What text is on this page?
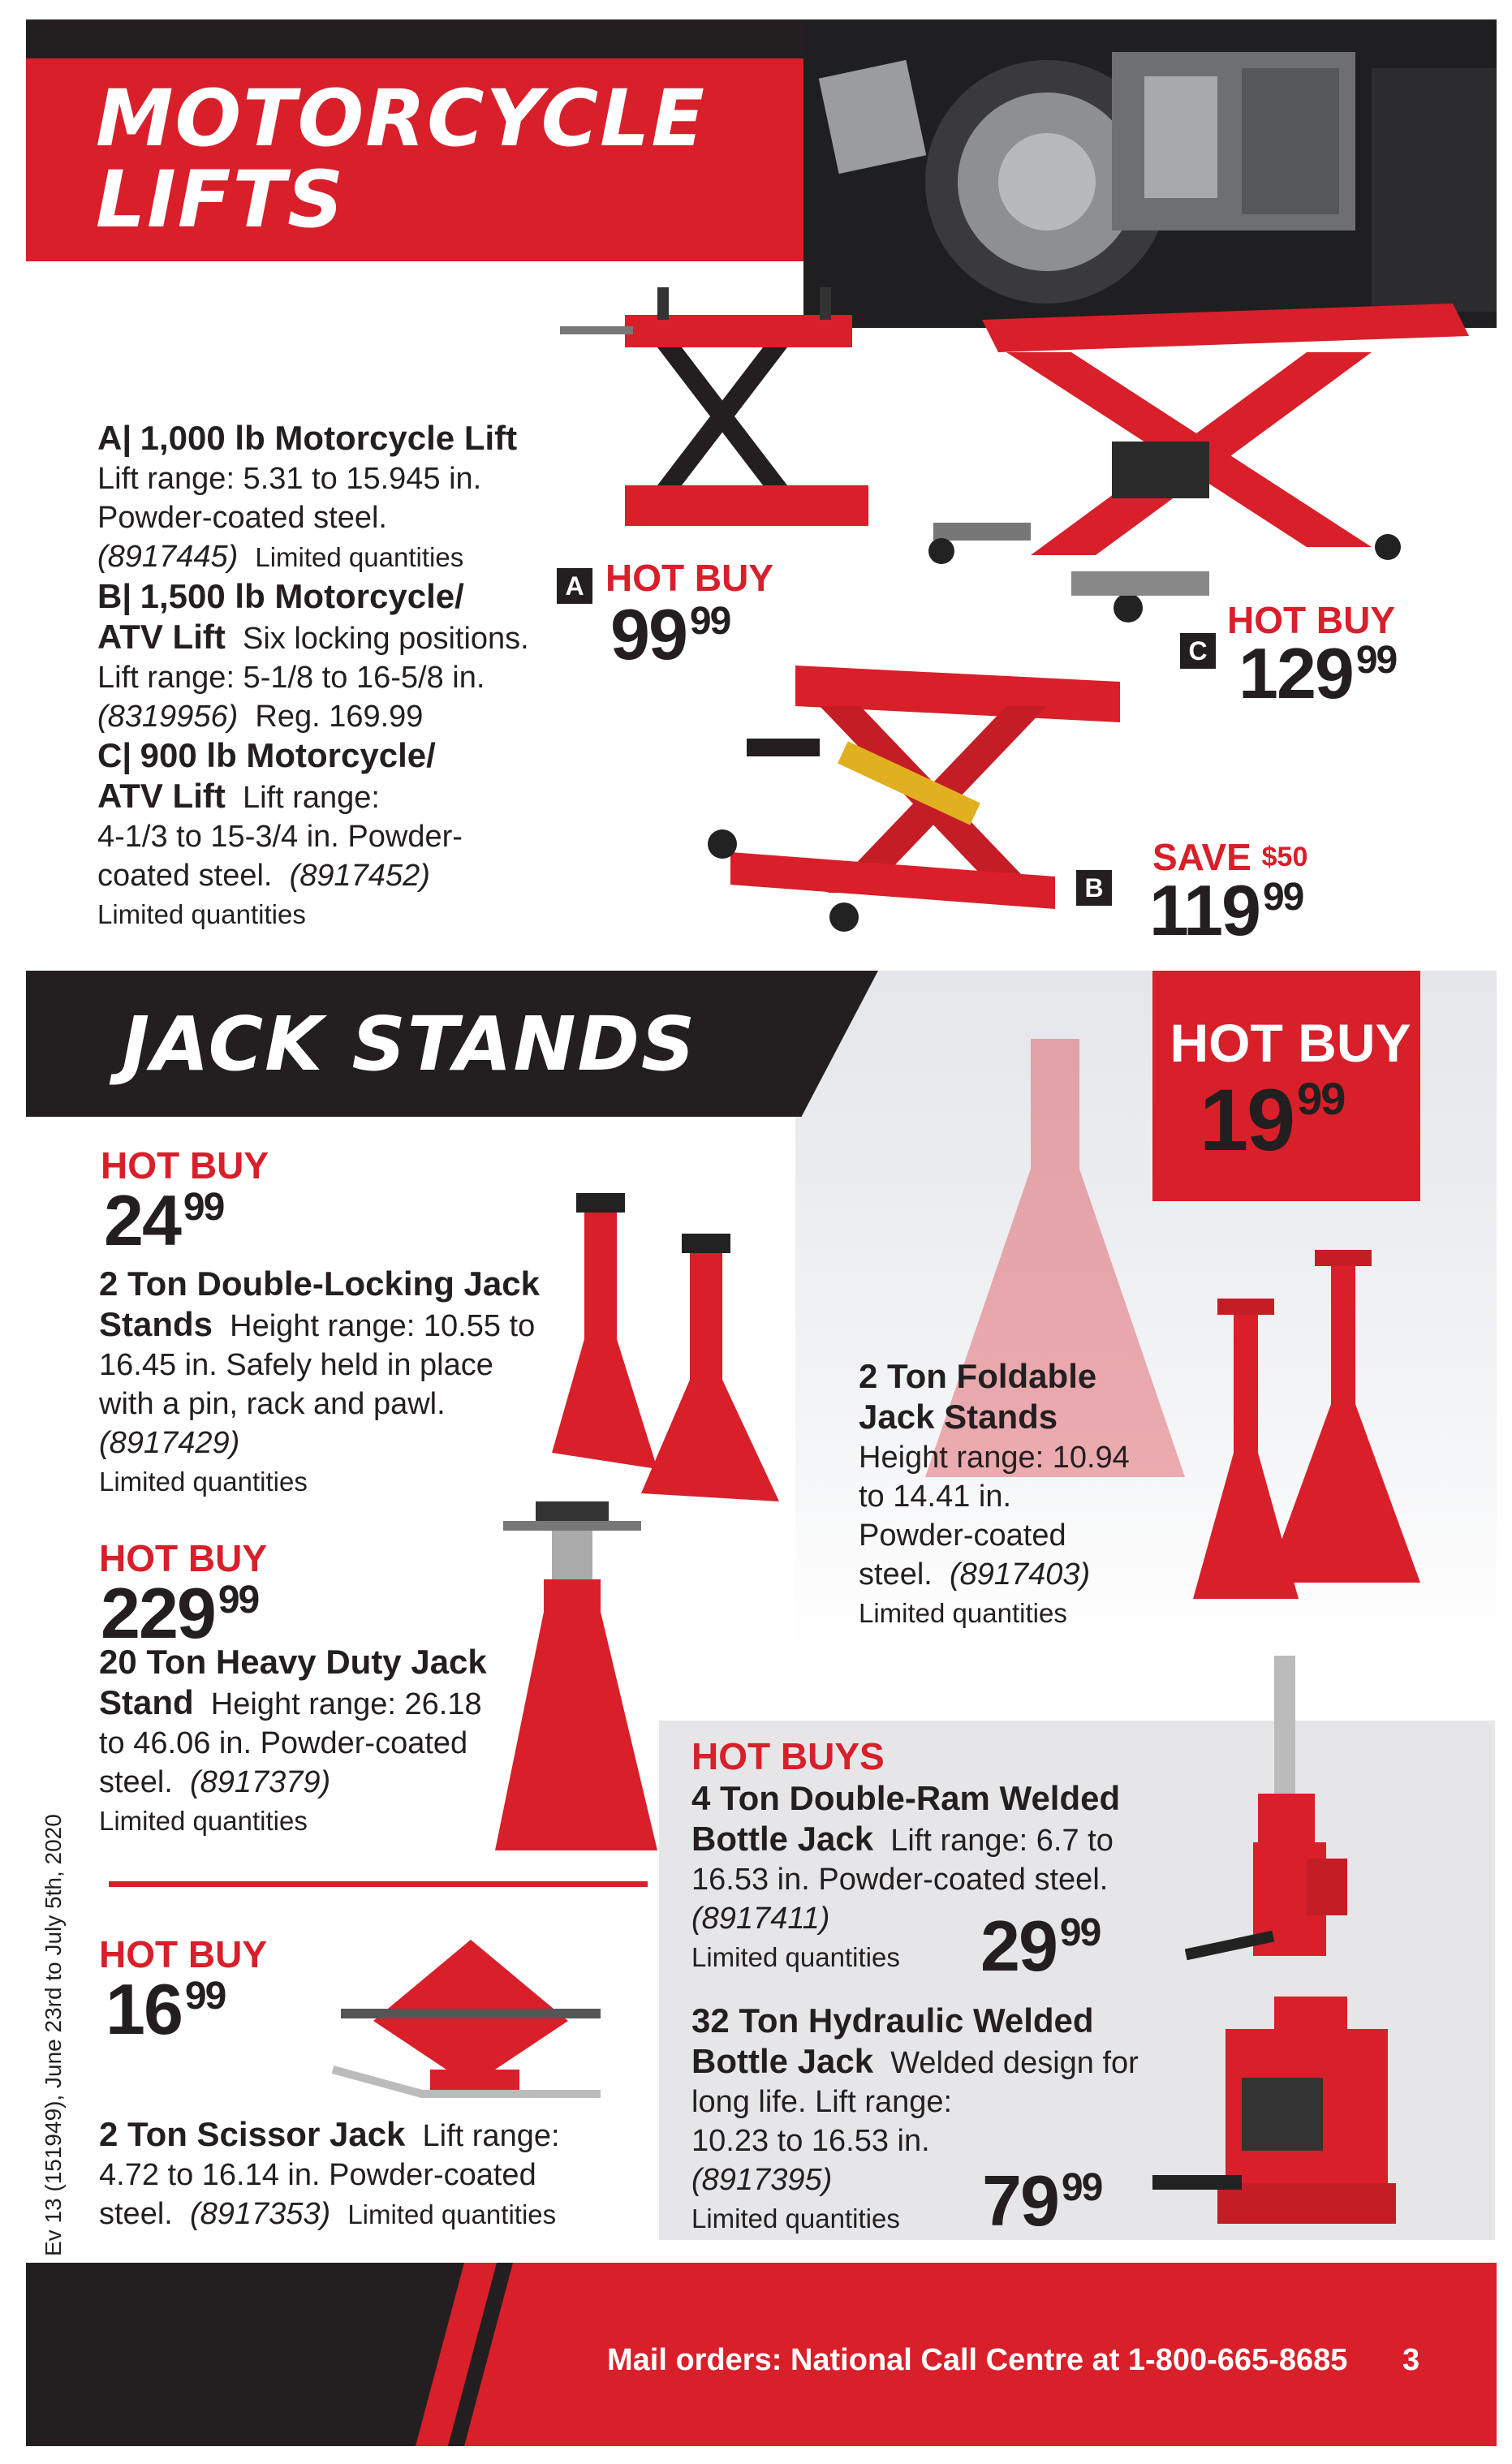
MOTORCYCLE
LIFTS
A| 1,000 lb Motorcycle Lift
Lift range: 5.31 to 15.945 in.
Powder-coated steel.
(8917445) Limited quantities
B| 1,500 lb Motorcycle/
ATV Lift Six locking positions.
Lift range: 5-1/8 to 16-5/8 in.
(8319956) Reg. 169.99
C| 900 lb Motorcycle/
ATV Lift Lift range:
4-1/3 to 15-3/4 in. Powder-
coated steel. (8917452)
Limited quantities
A HOT BUY
$99^{99}$
C
HOT BUY
$129^{99}$
B
SAVE $^{\$50}$
$119^{99}$
JACK STANDS	HOT BUY
$19^{99}$
2 Ton Foldable
Jack Stands
Height range: 10.94
to 14.41 in.
Powder-coated
steel. (8917403)
Limited quantities
HOT BUY
$24^{99}$
2 Ton Double-Locking Jack
Stands Height range: 10.55 to
16.45 in. Safely held in place
with a pin, rack and pawl.
(8917429)
Limited quantities
HOT BUY
$229^{99}$
20 Ton Heavy Duty Jack
Stand Height range: 26.18
to 46.06 in. Powder-coated
steel. (8917379)
Limited quantities
HOT BUY
$16^{99}$
2 Ton Scissor Jack Lift range:
4.72 to 16.14 in. Powder-coated
steel. (8917353) Limited quantities
HOT BUYS
4 Ton Double-Ram Welded
Bottle Jack Lift range: 6.7 to
16.53 in. Powder-coated steel.
(8917411)
Limited quantities	$29^{99}$
32 Ton Hydraulic Welded
Bottle Jack Welded design for
long life. Lift range:
10.23 to 16.53 in.
(8917395)
Limited quantities	$79^{99}$
Ev 13 (151949), June 23rd to July 5th, 2020
Mail orders: National Call Centre at 1-800-665-8685 3
